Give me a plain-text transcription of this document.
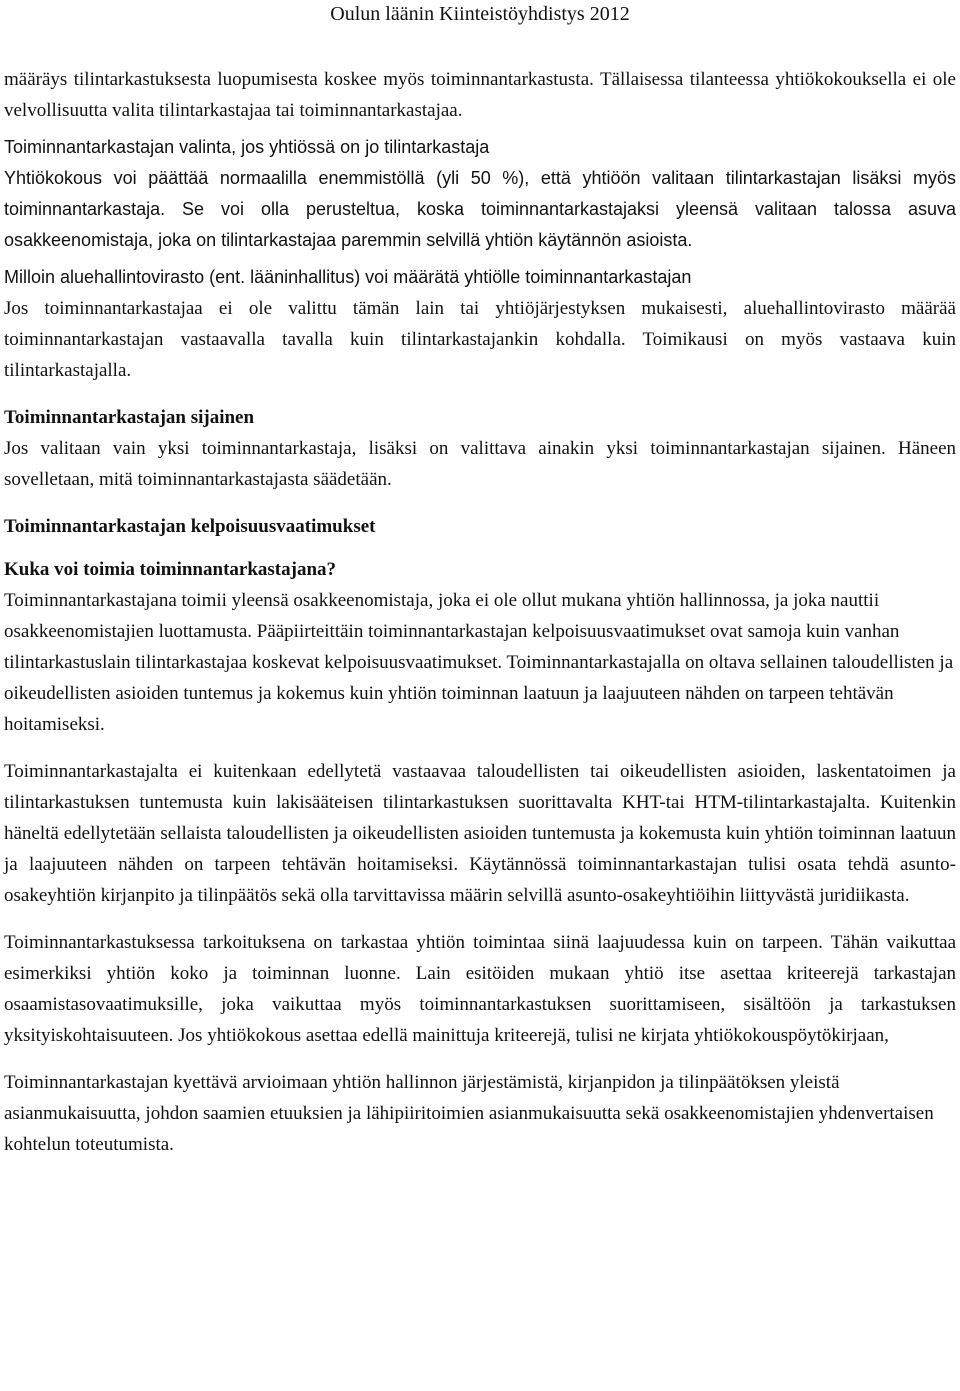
Oulun läänin Kiinteistöyhdistys 2012

määräys tilintarkastuksesta luopumisesta koskee myös toiminnantarkastusta. Tällaisessa tilanteessa yhtiökokouksella ei ole velvollisuutta valita tilintarkastajaa tai toiminnantarkastajaa.

Toiminnantarkastajan valinta, jos yhtiössä on jo tilintarkastaja

Yhtiökokous voi päättää normaalilla enemmistöllä (yli 50 %), että yhtiöön valitaan tilintarkastajan lisäksi myös toiminnantarkastaja. Se voi olla perusteltua, koska toiminnantarkastajaksi yleensä valitaan talossa asuva osakkeenomistaja, joka on tilintarkastajaa paremmin selvillä yhtiön käytännön asioista.

Milloin aluehallintovirasto (ent. lääninhallitus) voi määrätä yhtiölle toiminnantarkastajan

Jos toiminnantarkastajaa ei ole valittu tämän lain tai yhtiöjärjestyksen mukaisesti, aluehallintovirasto määrää toiminnantarkastajan vastaavalla tavalla kuin tilintarkastajankin kohdalla. Toimikausi on myös vastaava kuin tilintarkastajalla.

Toiminnantarkastajan sijainen

Jos valitaan vain yksi toiminnantarkastaja, lisäksi on valittava ainakin yksi toiminnantarkastajan sijainen. Häneen sovelletaan, mitä toiminnantarkastajasta säädetään.

Toiminnantarkastajan kelpoisuusvaatimukset

Kuka voi toimia toiminnantarkastajana?

Toiminnantarkastajana toimii yleensä osakkeenomistaja, joka ei ole ollut mukana yhtiön hallinnossa, ja joka nauttii osakkeenomistajien luottamusta. Pääpiirteittäin toiminnantarkastajan kelpoisuusvaatimukset ovat samoja kuin vanhan tilintarkastuslain tilintarkastajaa koskevat kelpoisuusvaatimukset. Toiminnantarkastajalla on oltava sellainen taloudellisten ja oikeudellisten asioiden tuntemus ja kokemus kuin yhtiön toiminnan laatuun ja laajuuteen nähden on tarpeen tehtävän hoitamiseksi.

Toiminnantarkastajalta ei kuitenkaan edellytetä vastaavaa taloudellisten tai oikeudellisten asioiden, laskentatoimen ja tilintarkastuksen tuntemusta kuin lakisääteisen tilintarkastuksen suorittavalta KHT-tai HTM-tilintarkastajalta. Kuitenkin häneltä edellytetään sellaista taloudellisten ja oikeudellisten asioiden tuntemusta ja kokemusta kuin yhtiön toiminnan laatuun ja laajuuteen nähden on tarpeen tehtävän hoitamiseksi. Käytännössä toiminnantarkastajan tulisi osata tehdä asunto-osakeyhtiön kirjanpito ja tilinpäätös sekä olla tarvittavissa määrin selvillä asunto-osakeyhtiöihin liittyvästä juridiikasta.

Toiminnantarkastuksessa tarkoituksena on tarkastaa yhtiön toimintaa siinä laajuudessa kuin on tarpeen. Tähän vaikuttaa esimerkiksi yhtiön koko ja toiminnan luonne. Lain esitöiden mukaan yhtiö itse asettaa kriteerejä tarkastajan osaamistasovaatimuksille, joka vaikuttaa myös toiminnantarkastuksen suorittamiseen, sisältöön ja tarkastuksen yksityiskohtaisuuteen. Jos yhtiökokous asettaa edellä mainittuja kriteerejä, tulisi ne kirjata yhtiökokouspöytökirjaan,

Toiminnantarkastajan kyettävä arvioimaan yhtiön hallinnon järjestämistä, kirjanpidon ja tilinpäätöksen yleistä asianmukaisuutta, johdon saamien etuuksien ja lähipiiritoimien asianmukaisuutta sekä osakkeenomistajien yhdenvertaisen kohtelun toteutumista.
